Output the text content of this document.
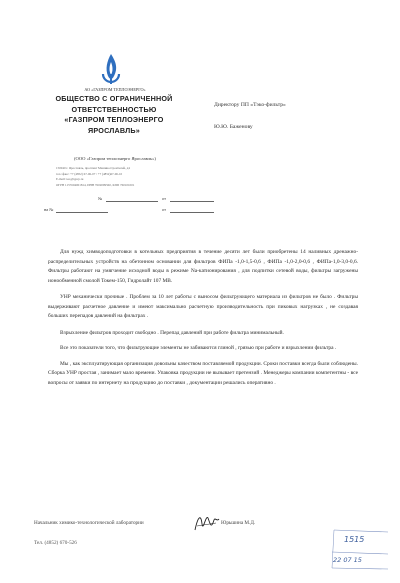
АО «ГАЗПРОМ ТЕПЛОЭНЕРГО»
ОБЩЕСТВО С ОГРАНИЧЕННОЙ
ОТВЕТСТВЕННОСТЬЮ
«ГАЗПРОМ ТЕПЛОЭНЕРГО
ЯРОСЛАВЛЬ»
(ООО «Газпром теплоэнерго Ярославль»)
150040 г. Ярославль, проспект Машиностроителей, д4
тел./факс: +7 (4852) 67-06-07 / +7 (4852)67-06-10
E-mail: teo@tgorp.ru
ОГРН 1157604001814, ИНН 7602099560, КПП 760101001
№	от
на №	от
Директору ПП «Тэко-фильтр»
Ю.Ю. Баженову

Для нужд химводоподготовки в котельных предприятия в течение десяти лет были приобретены 14 наливных дренажно-распределительных устройств на обетонном основании для фильтров ФИПа -1,0-1,5-0,6 , ФИПа -1,0-2,0-0,6 , ФИПа-1,0-3,0-0,6. Фильтры работают на умягчение исходной воды в режиме Na-катионирования , для подпитки сетевой воды, фильтры загружены ионообменной смолой Токем-150, Гидролайт 107 МВ.

УНР механически прочные . Проблем за 10 лет работы с выносом фильтрующего материала из фильтров не было . Фильтры выдерживают расчетное давление и имеют максимально расчетную производительность при пиковых нагрузках , не создавая больших перепадов давлений на фильтрах .

Взрыхление фильтров проходит свободно . Перепад давлений при работе фильтра минимальный.

Все это показатели того, что фильтрующие элементы не забиваются глиной , грязью при работе и взрыхлении фильтра .

Мы , как эксплуатирующая организация довольны качеством поставляемой продукции. Сроки поставки всегда были соблюдены. Сборка УНР простая , занимает мало времени. Упаковка продукции не вызывает претензий . Менеджеры компании компетентны - все вопросы от заявки по интернету на продукцию до поставки , документации решались оперативно .

Начальник химико-технологической лаборатории	Юрьшина М.Д.
Тел. (4852) 670-526	1515
22 07 15
